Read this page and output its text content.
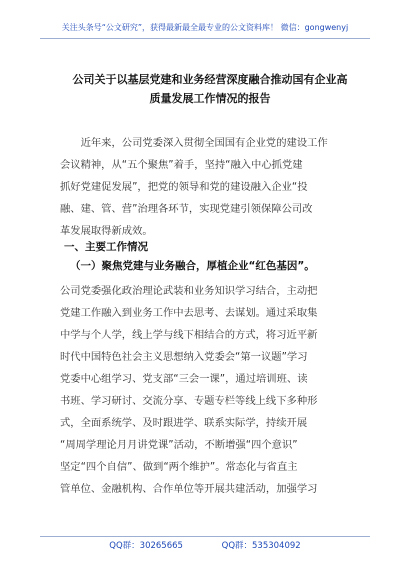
关注头条号“公文研究”，获得最新最全最专业的公文资料库！ 微信：gongwenyj
公司关于以基层党建和业务经营深度融合推动国有企业高
质量发展工作情况的报告
　　近年来，公司党委深入贯彻全国国有企业党的建设工作
会议精神，从“五个聚焦”着手，坚持“融入中心抓党建
抓好党建促发展”，把党的领导和党的建设融入企业“投
融、建、管、营”治理各环节，实现党建引领保障公司改
革发展取得新成效。
一、主要工作情况
（一）聚焦党建与业务融合，厚植企业“红色基因”。
公司党委强化政治理论武装和业务知识学习结合，主动把
党建工作融入到业务工作中去思考、去谋划。通过采取集
中学与个人学，线上学与线下相结合的方式，将习近平新
时代中国特色社会主义思想纳入党委会“第一议题”学习
党委中心组学习、党支部“三会一课”，通过培训班、读
书班、学习研讨、交流分享、专题专栏等线上线下多种形
式，全面系统学、及时跟进学、联系实际学，持续开展
“周周学理论月月讲党课”活动，不断增强“四个意识”
坚定“四个自信”、做到“两个维护”。常态化与省直主
管单位、金融机构、合作单位等开展共建活动，加强学习
QQ群：30265665	QQ群：535304092
